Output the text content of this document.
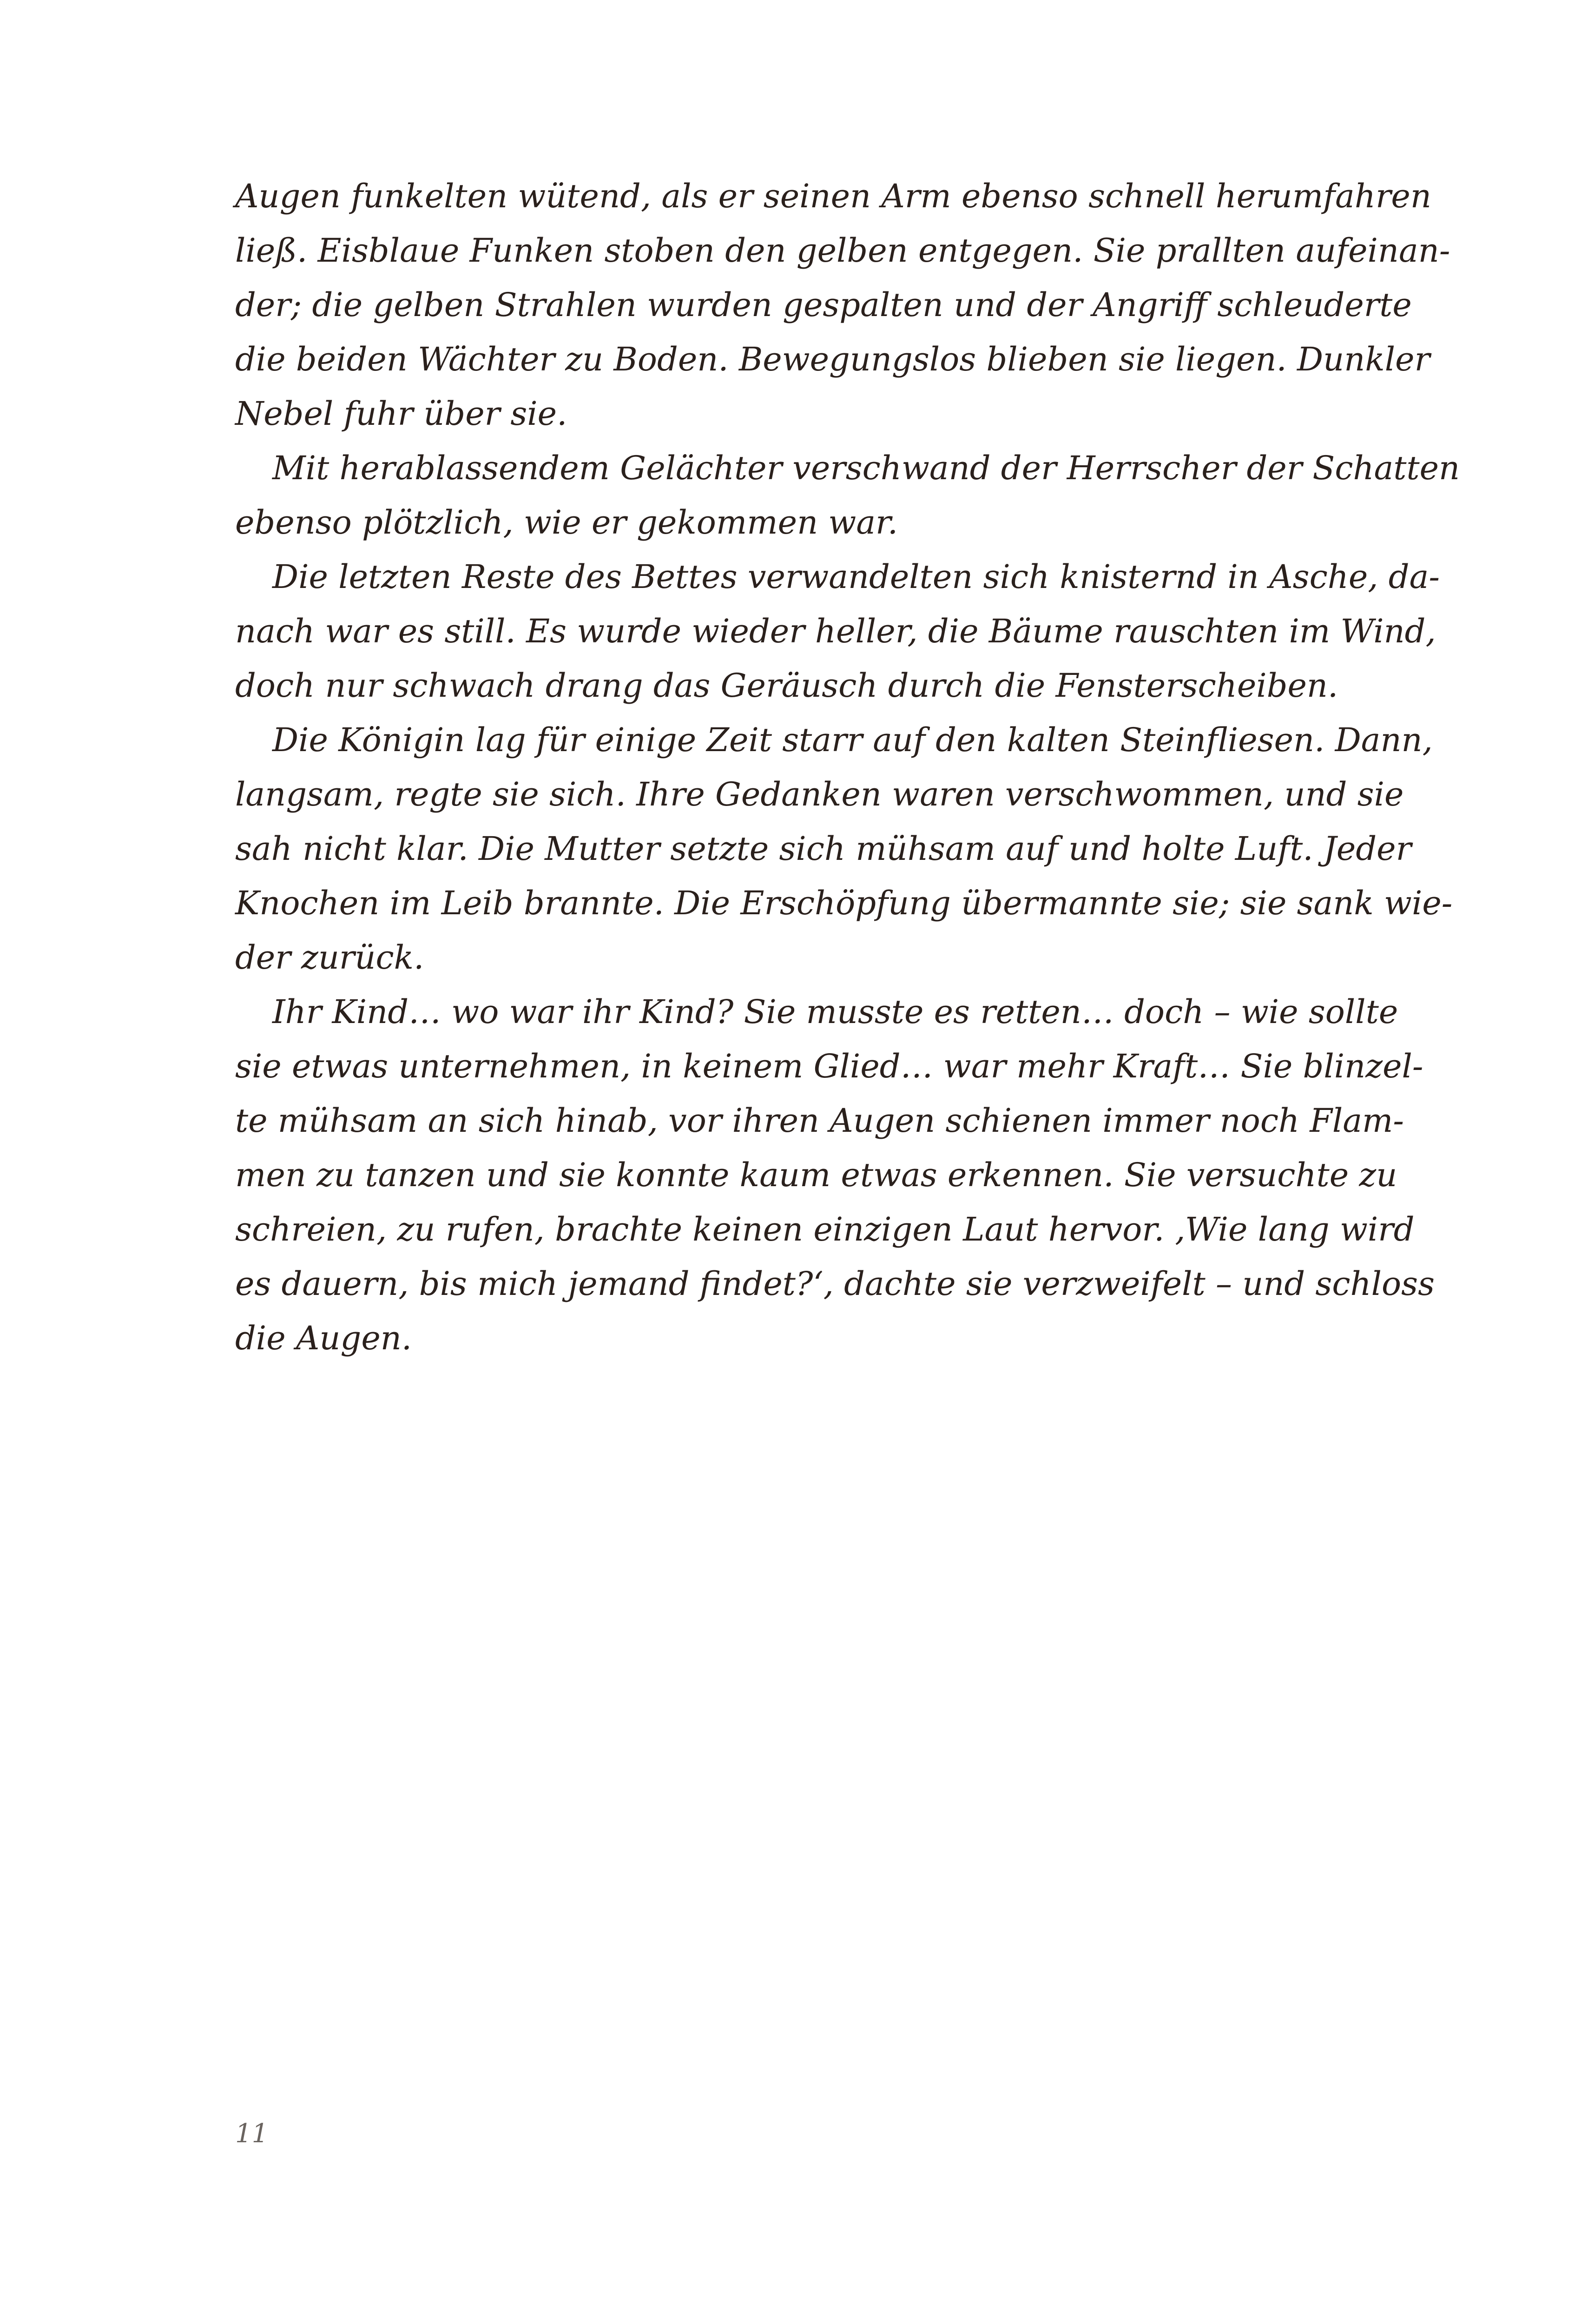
Augen funkelten wütend, als er seinen Arm ebenso schnell herumfahren
ließ. Eisblaue Funken stoben den gelben entgegen. Sie prallten aufeinan-
der; die gelben Strahlen wurden gespalten und der Angriff schleuderte
die beiden Wächter zu Boden. Bewegungslos blieben sie liegen. Dunkler
Nebel fuhr über sie.
Mit herablassendem Gelächter verschwand der Herrscher der Schatten
ebenso plötzlich, wie er gekommen war.
Die letzten Reste des Bettes verwandelten sich knisternd in Asche, da-
nach war es still. Es wurde wieder heller, die Bäume rauschten im Wind,
doch nur schwach drang das Geräusch durch die Fensterscheiben.
Die Königin lag für einige Zeit starr auf den kalten Steinfliesen. Dann,
langsam, regte sie sich. Ihre Gedanken waren verschwommen, und sie
sah nicht klar. Die Mutter setzte sich mühsam auf und holte Luft. Jeder
Knochen im Leib brannte. Die Erschöpfung übermannte sie; sie sank wie-
der zurück.
Ihr Kind… wo war ihr Kind? Sie musste es retten… doch – wie sollte
sie etwas unternehmen, in keinem Glied… war mehr Kraft… Sie blinzel-
te mühsam an sich hinab, vor ihren Augen schienen immer noch Flam-
men zu tanzen und sie konnte kaum etwas erkennen. Sie versuchte zu
schreien, zu rufen, brachte keinen einzigen Laut hervor. ‚Wie lang wird
es dauern, bis mich jemand findet?‘, dachte sie verzweifelt – und schloss
die Augen.
11
